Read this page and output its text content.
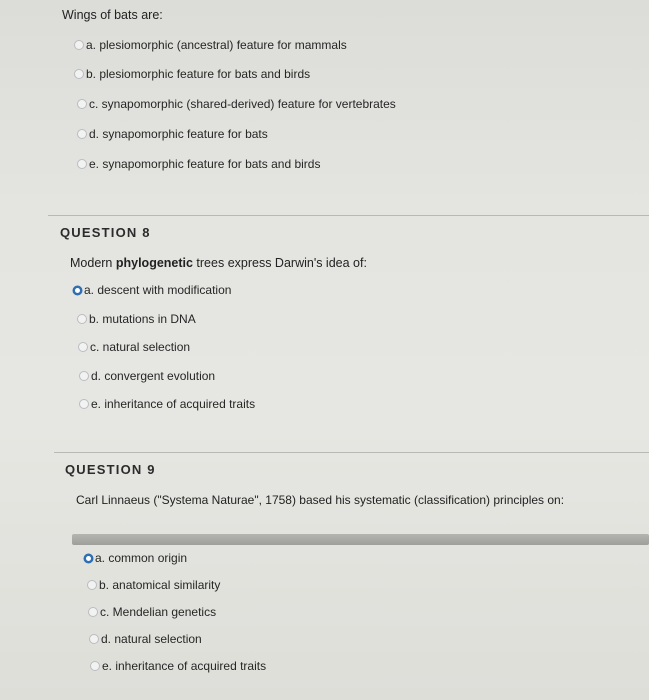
Wings of bats are:
a. plesiomorphic (ancestral) feature for mammals
b. plesiomorphic feature for bats and birds
c. synapomorphic (shared-derived) feature for vertebrates
d. synapomorphic feature for bats
e. synapomorphic feature for bats and birds
QUESTION 8
Modern phylogenetic trees express Darwin's idea of:
a. descent with modification
b. mutations in DNA
c. natural selection
d. convergent evolution
e. inheritance of acquired traits
QUESTION 9
Carl Linnaeus ("Systema Naturae", 1758) based his systematic (classification) principles on:
a. common origin
b. anatomical similarity
c. Mendelian genetics
d. natural selection
e. inheritance of acquired traits
